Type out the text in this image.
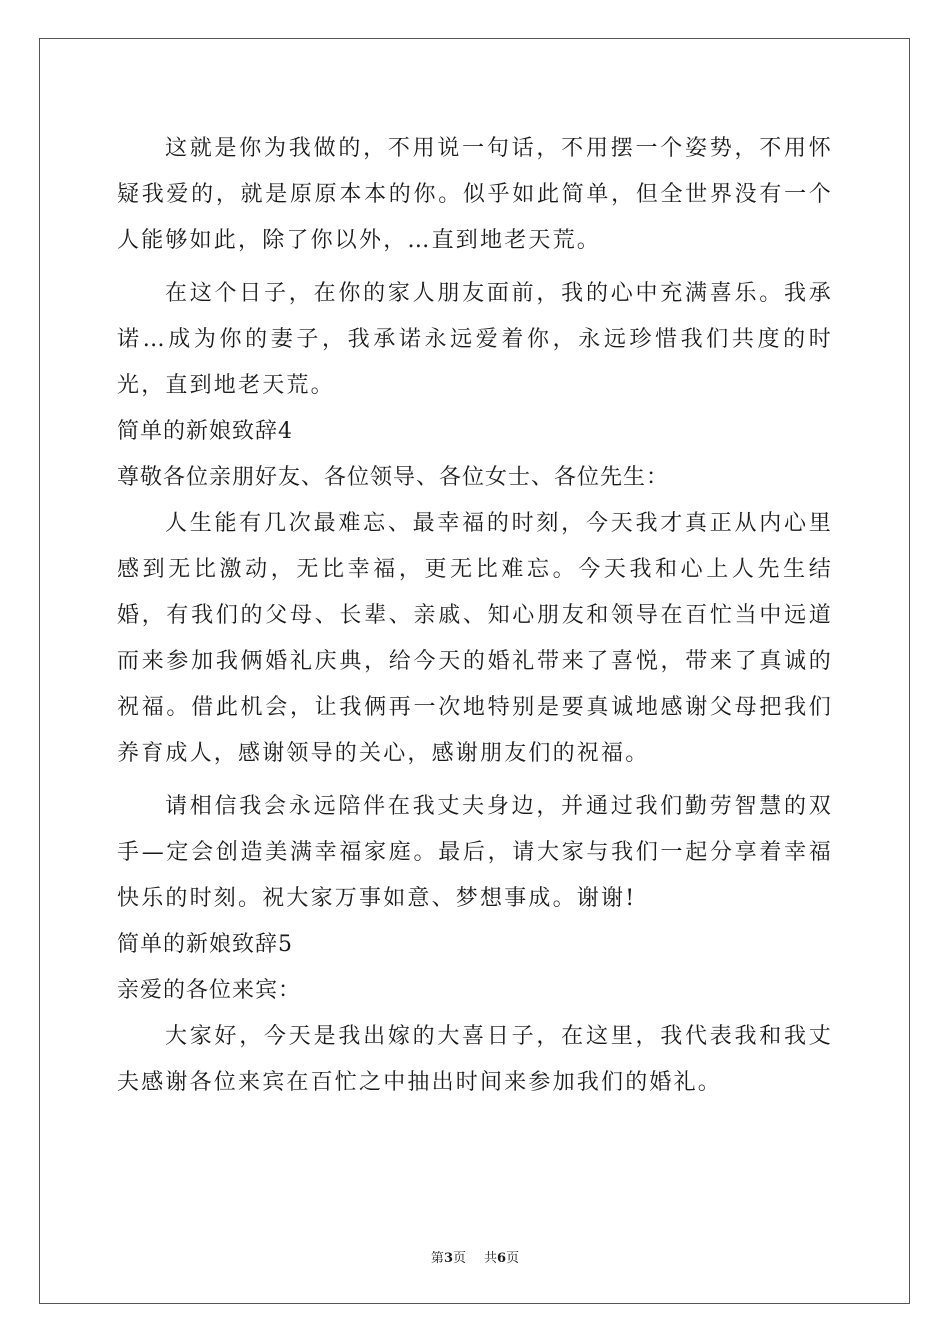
这就是你为我做的，不用说一句话，不用摆一个姿势，不用怀疑我爱的，就是原原本本的你。似乎如此简单，但全世界没有一个人能够如此，除了你以外，…直到地老天荒。

在这个日子，在你的家人朋友面前，我的心中充满喜乐。我承诺…成为你的妻子，我承诺永远爱着你，永远珍惜我们共度的时光，直到地老天荒。

简单的新娘致辞4

尊敬各位亲朋好友、各位领导、各位女士、各位先生：

人生能有几次最难忘、最幸福的时刻，今天我才真正从内心里感到无比激动，无比幸福，更无比难忘。今天我和心上人先生结婚，有我们的父母、长辈、亲戚、知心朋友和领导在百忙当中远道而来参加我俩婚礼庆典，给今天的婚礼带来了喜悦，带来了真诚的祝福。借此机会，让我俩再一次地特别是要真诚地感谢父母把我们养育成人，感谢领导的关心，感谢朋友们的祝福。

请相信我会永远陪伴在我丈夫身边，并通过我们勤劳智慧的双手—定会创造美满幸福家庭。最后，请大家与我们一起分享着幸福快乐的时刻。祝大家万事如意、梦想事成。谢谢!

简单的新娘致辞5

亲爱的各位来宾：

大家好，今天是我出嫁的大喜日子，在这里，我代表我和我丈夫感谢各位来宾在百忙之中抽出时间来参加我们的婚礼。

第3页 共6页
